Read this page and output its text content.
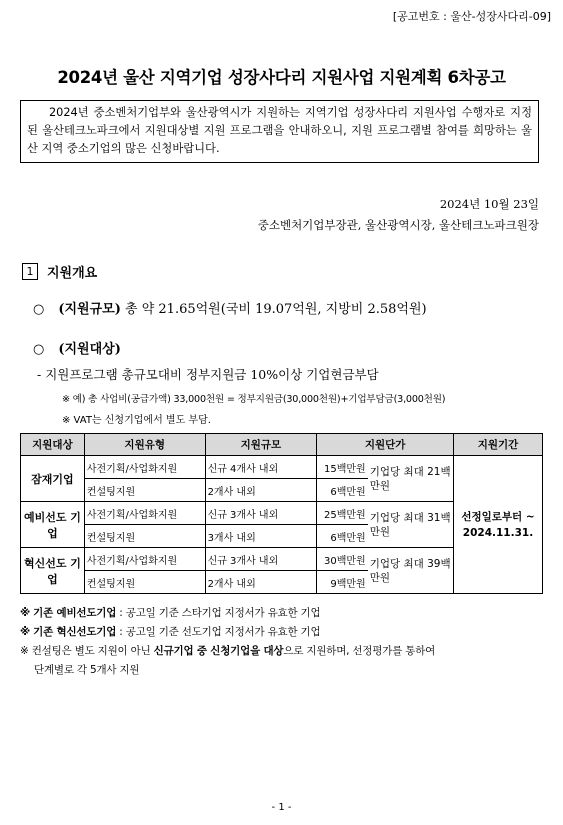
[공고번호 : 울산-성장사다리-09]
2024년 울산 지역기업 성장사다리 지원사업 지원계획 6차공고
2024년 중소벤처기업부와 울산광역시가 지원하는 지역기업 성장사다리 지원사업 수행자로 지정된 울산테크노파크에서 지원대상별 지원 프로그램을 안내하오니, 지원 프로그램별 참여를 희망하는 울산 지역 중소기업의 많은 신청바랍니다.
2024년 10월 23일
중소벤처기업부장관, 울산광역시장, 울산테크노파크원장
1	지원개요
○ (지원규모) 총 약 21.65억원(국비 19.07억원, 지방비 2.58억원)
○ (지원대상)
- 지원프로그램 총규모대비 정부지원금 10%이상 기업현금부담
※ 예) 총 사업비(공급가액) 33,000천원 = 정부지원금(30,000천원)+기업부담금(3,000천원)
※ VAT는 신청기업에서 별도 부담.
지원대상	지원유형	지원규모	지원단가		지원기간
잠재기업	사전기획/사업화지원	신규 4개사 내외	15백만원	기업당 최대 21백만원	선정일로부터 ~ 2024.11.31.
	컨설팅지원	2개사 내외	6백만원		
예비선도 기업	사전기획/사업화지원	신규 3개사 내외	25백만원	기업당 최대 31백만원	
	컨설팅지원	3개사 내외	6백만원		
혁신선도 기업	사전기획/사업화지원	신규 3개사 내외	30백만원	기업당 최대 39백만원	
	컨설팅지원	2개사 내외	9백만원		
※ 기존 예비선도기업 : 공고일 기준 스타기업 지정서가 유효한 기업
※ 기존 혁신선도기업 : 공고일 기준 선도기업 지정서가 유효한 기업
※ 컨설팅은 별도 지원이 아닌 신규기업 중 신청기업을 대상으로 지원하며, 선정평가를 통하여
단계별로 각 5개사 지원
- 1 -
